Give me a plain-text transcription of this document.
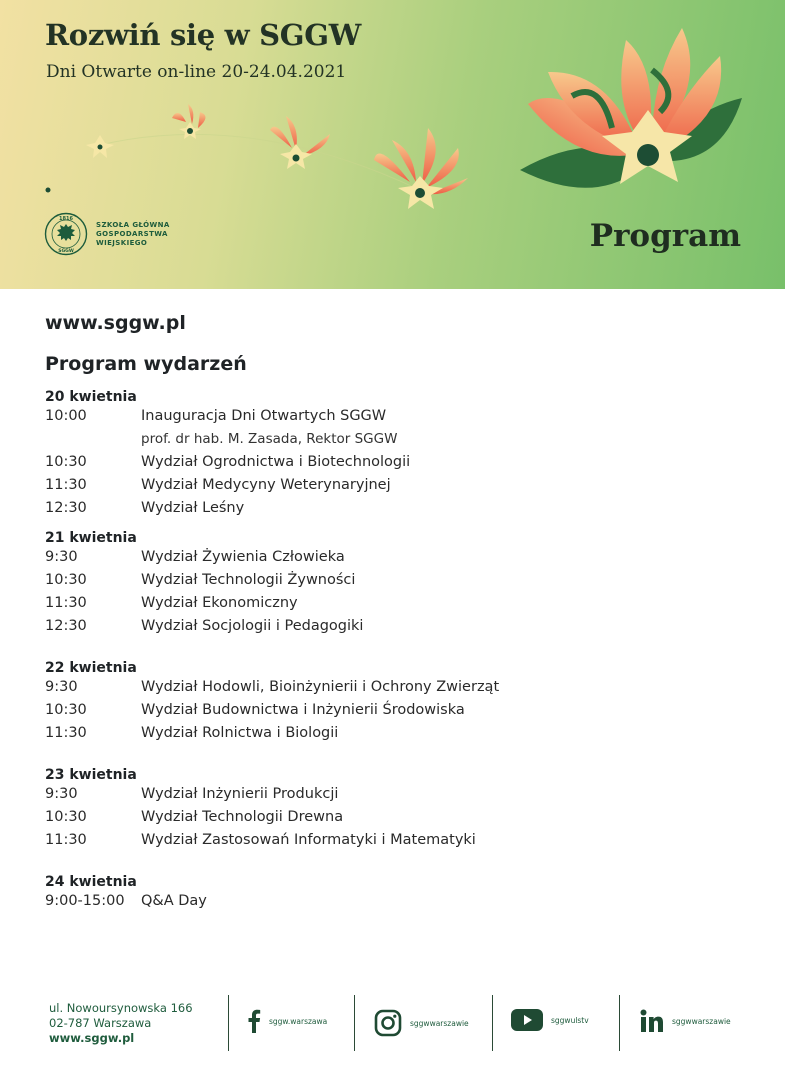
Rozwiń się w SGGW
Dni Otwarte on-line 20-24.04.2021
1816
SGGW
SZKOŁA GŁÓWNA
GOSPODARSTWA
WIEJSKIEGO	Program
www.sggw.pl
Program wydarzeń
20 kwietnia
10:00	Inauguracja Dni Otwartych SGGW
prof. dr hab. M. Zasada, Rektor SGGW
10:30	Wydział Ogrodnictwa i Biotechnologii
11:30	Wydział Medycyny Weterynaryjnej
12:30	Wydział Leśny
21 kwietnia
9:30	Wydział Żywienia Człowieka
10:30	Wydział Technologii Żywności
11:30	Wydział Ekonomiczny
12:30	Wydział Socjologii i Pedagogiki
22 kwietnia
9:30	Wydział Hodowli, Bioinżynierii i Ochrony Zwierząt
10:30	Wydział Budownictwa i Inżynierii Środowiska
11:30	Wydział Rolnictwa i Biologii
23 kwietnia
9:30	Wydział Inżynierii Produkcji
10:30	Wydział Technologii Drewna
11:30	Wydział Zastosowań Informatyki i Matematyki
24 kwietnia
9:00-15:00	Q&A Day
ul. Nowoursynowska 166
02-787 Warszawa
www.sggw.pl
sggw.warszawa	sggwwarszawie	sggwulstv	sggwwarszawie
